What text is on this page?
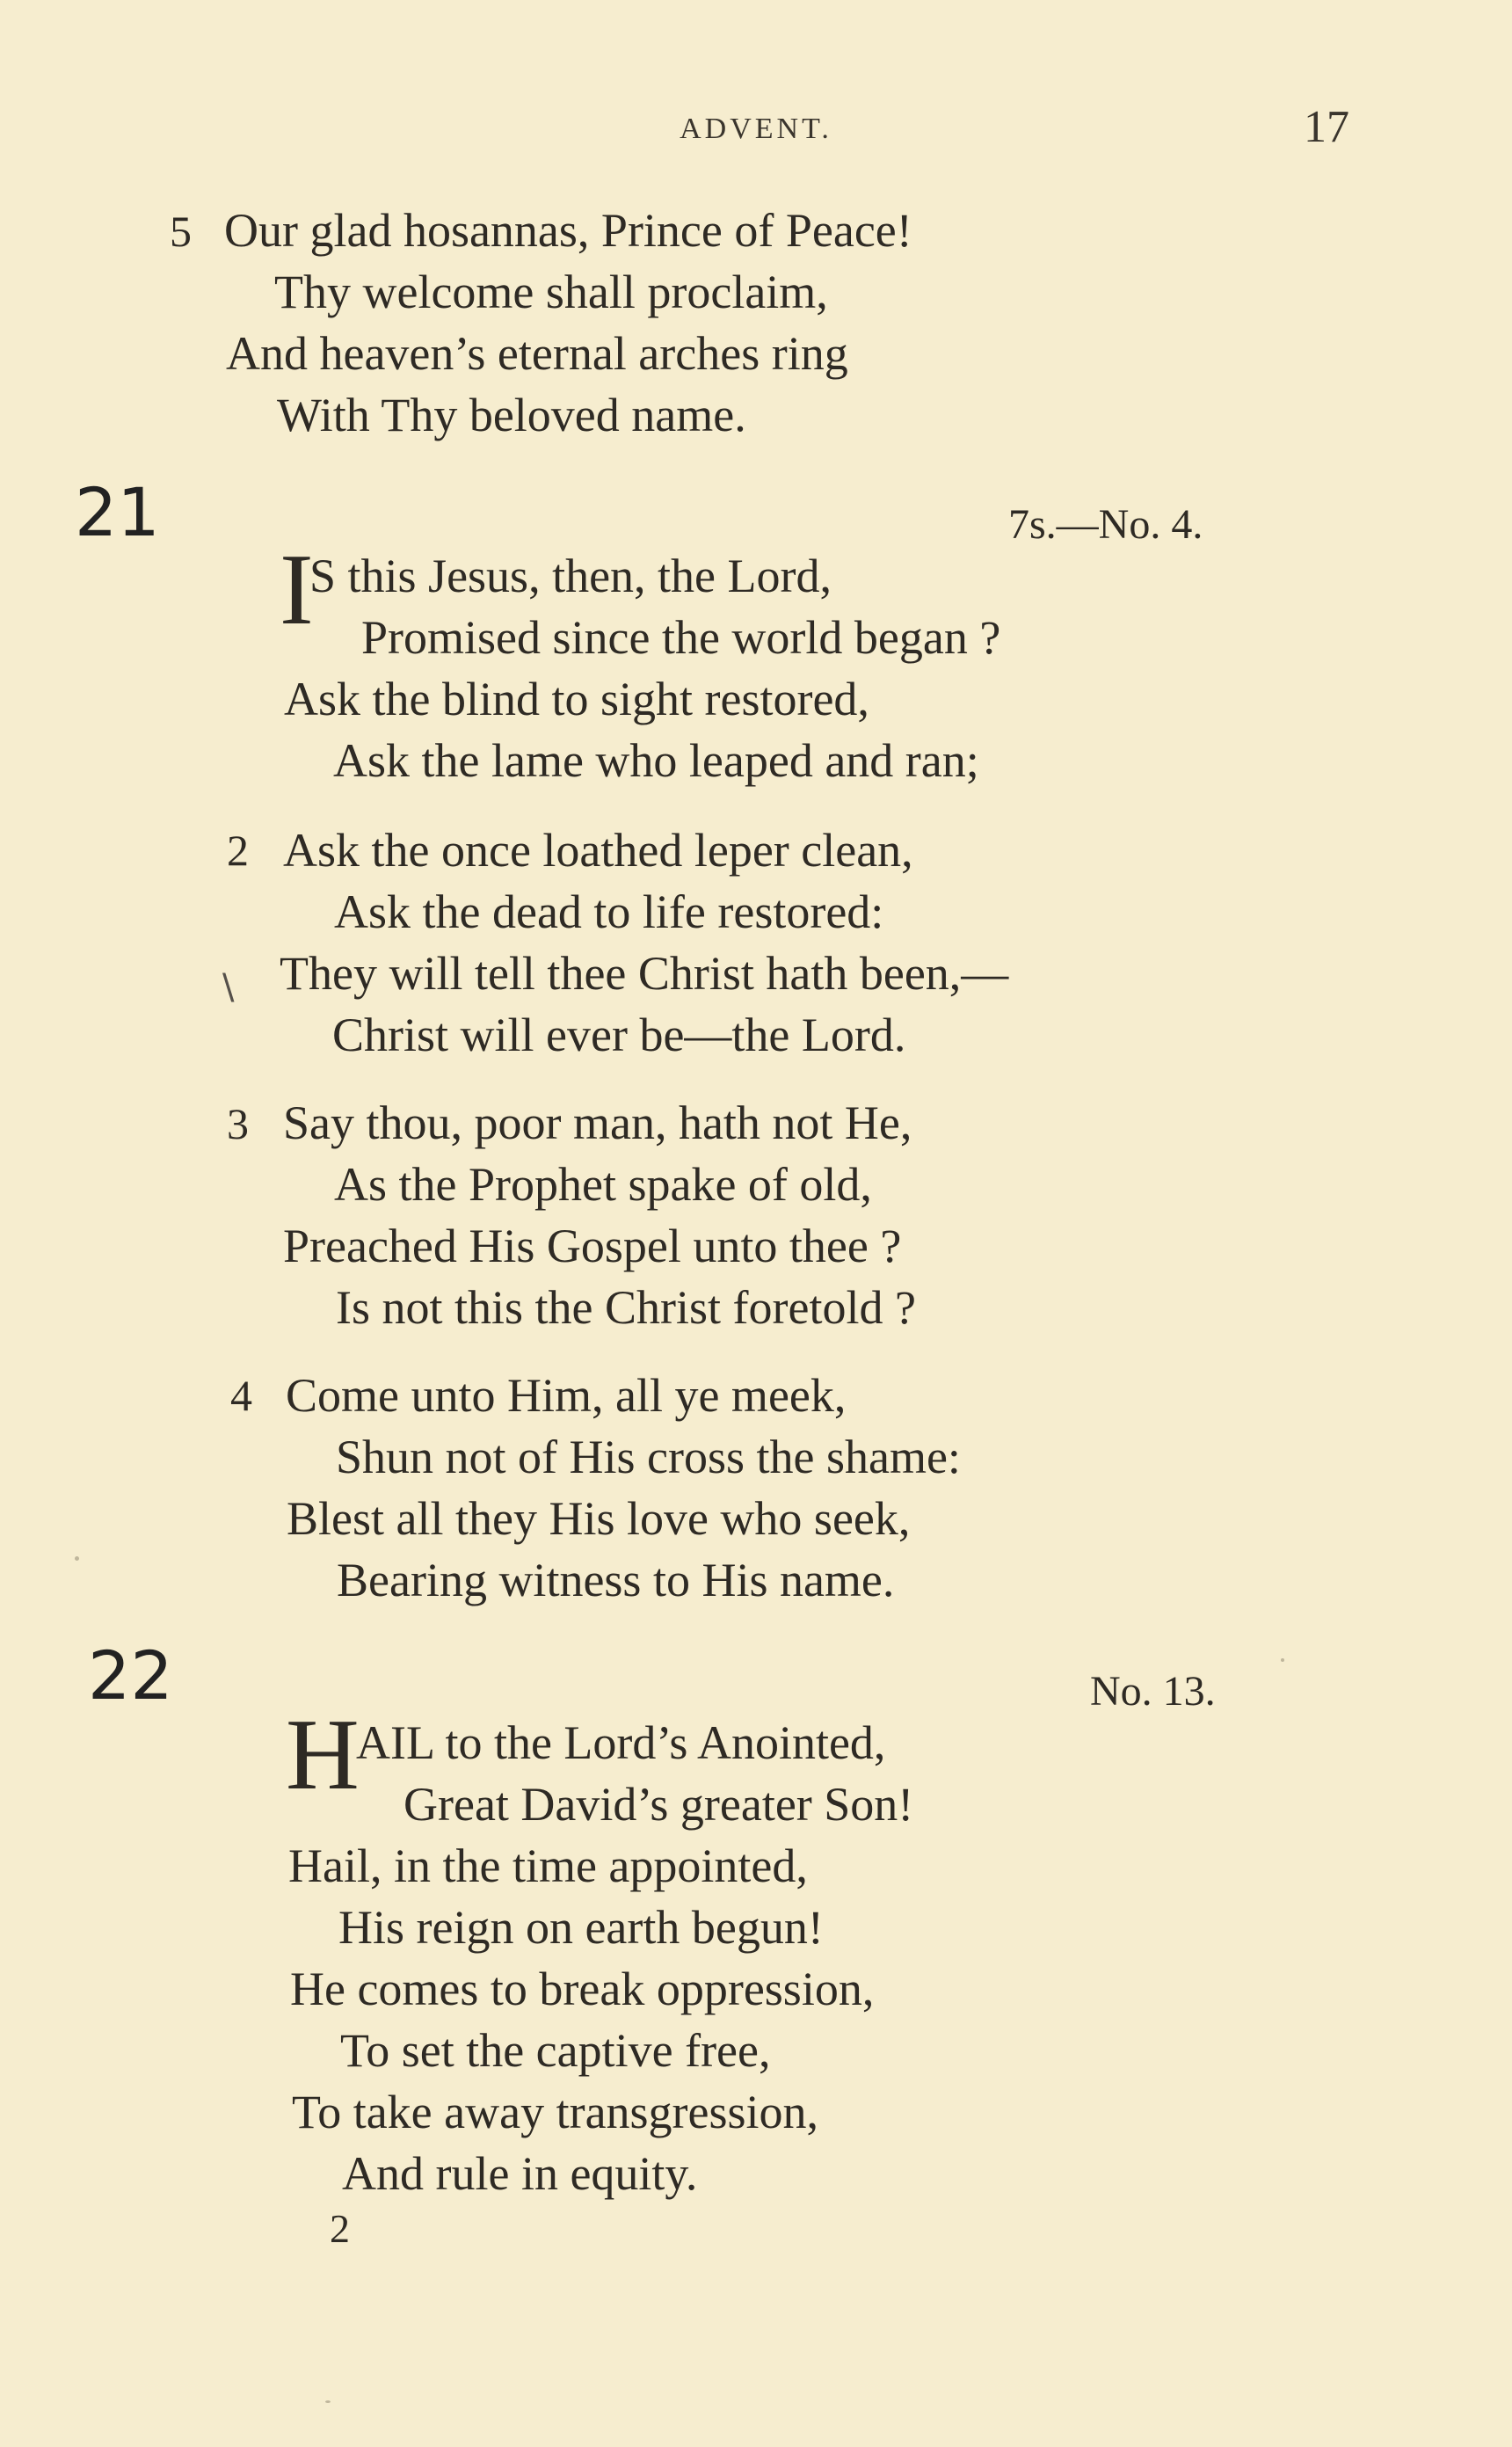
ADVENT.	17
5 Our glad hosannas, Prince of Peace!
Thy welcome shall proclaim,
And heaven’s eternal arches ring
With Thy beloved name.
21	7s.—No. 4.
I
S this Jesus, then, the Lord,
Promised since the world began ?
Ask the blind to sight restored,
Ask the lame who leaped and ran;
2 Ask the once loathed leper clean,
Ask the dead to life restored:
\ They will tell thee Christ hath been,—
Christ will ever be—the Lord.
3 Say thou, poor man, hath not He,
As the Prophet spake of old,
Preached His Gospel unto thee ?
Is not this the Christ foretold ?
4 Come unto Him, all ye meek,
Shun not of His cross the shame:
Blest all they His love who seek,
Bearing witness to His name.
22	No. 13.
H
AIL to the Lord’s Anointed,
Great David’s greater Son!
Hail, in the time appointed,
His reign on earth begun!
He comes to break oppression,
To set the captive free,
To take away transgression,
And rule in equity.
2
